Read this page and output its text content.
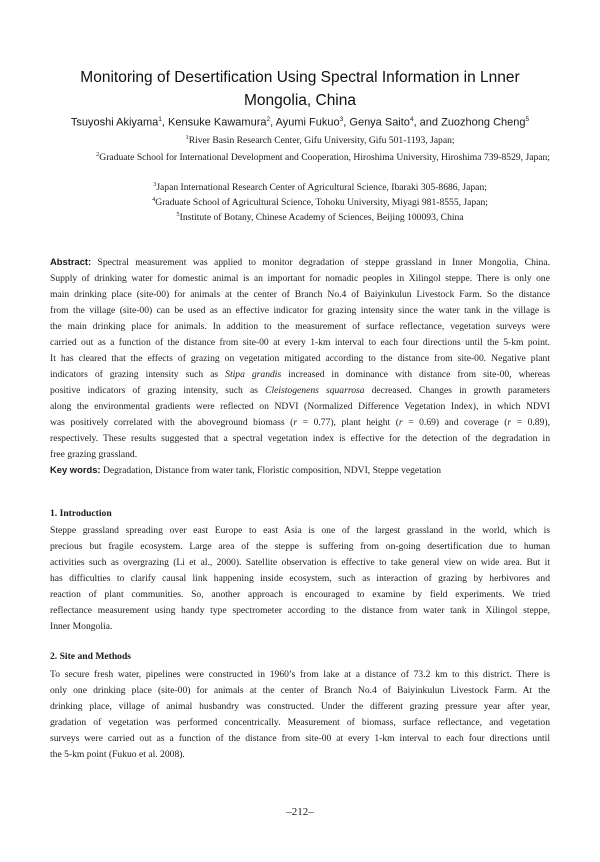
Monitoring of Desertification Using Spectral Information in Lnner
Mongolia, China
Tsuyoshi Akiyama$^1$, Kensuke Kawamura$^2$, Ayumi Fukuo$^3$, Genya Saito$^4$, and Zuozhong Cheng$^5$
$^1$River Basin Research Center, Gifu University, Gifu 501-1193, Japan;
$^2$Graduate School for International Development and Cooperation, Hiroshima University, Hiroshima 739-8529, Japan;
$^3$Japan International Research Center of Agricultural Science, Ibaraki 305-8686, Japan;
$^4$Graduate School of Agricultural Science, Tohoku University, Miyagi 981-8555, Japan;
$^5$Institute of Botany, Chinese Academy of Sciences, Beijing 100093, China
Abstract: Spectral measurement was applied to monitor degradation of steppe grassland in Inner Mongolia, China.
Supply of drinking water for domestic animal is an important for nomadic peoples in Xilingol steppe. There is only one
main drinking place (site-00) for animals at the center of Branch No.4 of Baiyinkulun Livestock Farm. So the distance
from the village (site-00) can be used as an effective indicator for grazing intensity since the water tank in the village is
the main drinking place for animals. In addition to the measurement of surface reflectance, vegetation surveys were
carried out as a function of the distance from site-00 at every 1-km interval to each four directions until the 5-km point.
It has cleared that the effects of grazing on vegetation mitigated according to the distance from site-00. Negative plant
indicators of grazing intensity such as Stipa grandis increased in dominance with distance from site-00, whereas
positive indicators of grazing intensity, such as Cleistogenens squarrosa decreased. Changes in growth parameters
along the environmental gradients were reflected on NDVI (Normalized Difference Vegetation Index), in which NDVI
was positively correlated with the aboveground biomass (r = 0.77), plant height (r = 0.69) and coverage (r = 0.89),
respectively. These results suggested that a spectral vegetation index is effective for the detection of the degradation in
free grazing grassland.
Key words: Degradation, Distance from water tank, Floristic composition, NDVI, Steppe vegetation
1. Introduction
Steppe grassland spreading over east Europe to east Asia is one of the largest grassland in the world, which is
precious but fragile ecosystem. Large area of the steppe is suffering from on-going desertification due to human
activities such as overgrazing (Li et al., 2000). Satellite observation is effective to take general view on wide area. But it
has difficulties to clarify causal link happening inside ecosystem, such as interaction of grazing by herbivores and
reaction of plant communities. So, another approach is encouraged to examine by field experiments. We tried
reflectance measurement using handy type spectrometer according to the distance from water tank in Xilingol steppe,
Inner Mongolia.
2. Site and Methods
To secure fresh water, pipelines were constructed in 1960’s from lake at a distance of 73.2 km to this district. There is
only one drinking place (site-00) for animals at the center of Branch No.4 of Baiyinkulun Livestock Farm. At the
drinking place, village of animal husbandry was constructed. Under the different grazing pressure year after year,
gradation of vegetation was performed concentrically. Measurement of biomass, surface reflectance, and vegetation
surveys were carried out as a function of the distance from site-00 at every 1-km interval to each four directions until
the 5-km point (Fukuo et al. 2008).
–212–
